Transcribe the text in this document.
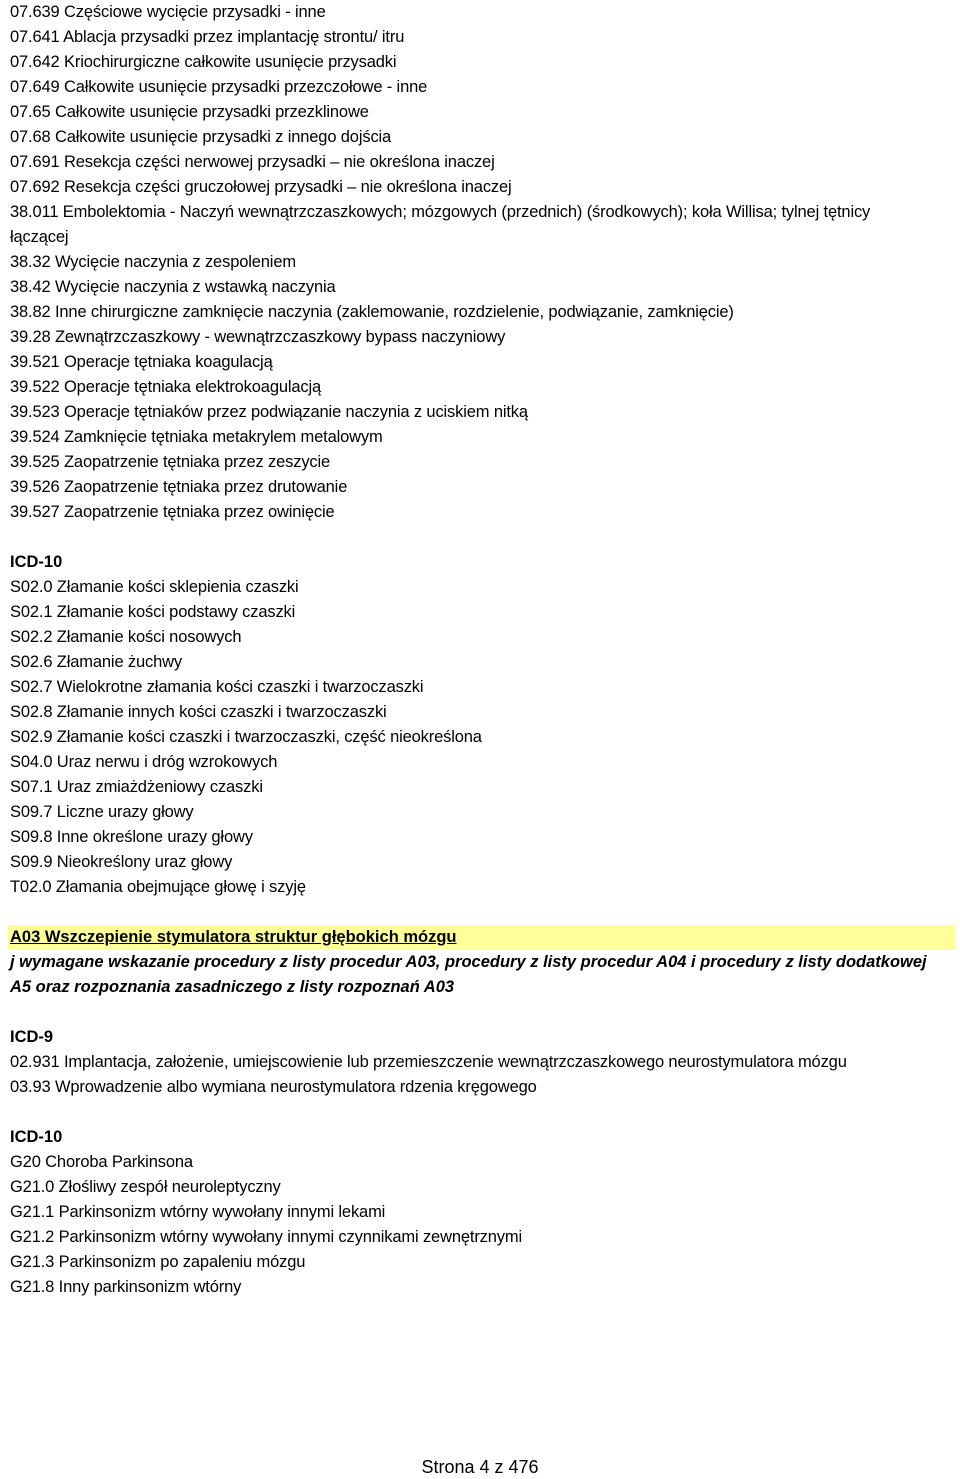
07.639 Częściowe wycięcie przysadki - inne
07.641 Ablacja przysadki przez implantację strontu/ itru
07.642 Kriochirurgiczne całkowite usunięcie przysadki
07.649 Całkowite usunięcie przysadki przezczołowe - inne
07.65 Całkowite usunięcie przysadki przezklinowe
07.68 Całkowite usunięcie przysadki z innego dojścia
07.691 Resekcja części nerwowej przysadki – nie określona inaczej
07.692 Resekcja części gruczołowej przysadki – nie określona inaczej
38.011 Embolektomia - Naczyń wewnątrzczaszkowych; mózgowych (przednich) (środkowych); koła Willisa; tylnej tętnicy łączącej
38.32 Wycięcie naczynia z zespoleniem
38.42 Wycięcie naczynia z wstawką naczynia
38.82 Inne chirurgiczne zamknięcie naczynia (zaklemowanie, rozdzielenie, podwiązanie, zamknięcie)
39.28 Zewnątrzczaszkowy - wewnątrzczaszkowy bypass naczyniowy
39.521 Operacje tętniaka koagulacją
39.522 Operacje tętniaka elektrokoagulacją
39.523 Operacje tętniaków przez podwiązanie naczynia z uciskiem nitką
39.524 Zamknięcie tętniaka metakrylem metalowym
39.525 Zaopatrzenie tętniaka przez zeszycie
39.526 Zaopatrzenie tętniaka przez drutowanie
39.527 Zaopatrzenie tętniaka przez owinięcie
ICD-10
S02.0 Złamanie kości sklepienia czaszki
S02.1 Złamanie kości podstawy czaszki
S02.2 Złamanie kości nosowych
S02.6 Złamanie żuchwy
S02.7 Wielokrotne złamania kości czaszki i twarzoczaszki
S02.8 Złamanie innych kości czaszki i twarzoczaszki
S02.9 Złamanie kości czaszki i twarzoczaszki, część nieokreślona
S04.0 Uraz nerwu i dróg wzrokowych
S07.1 Uraz zmiażdżeniowy czaszki
S09.7 Liczne urazy głowy
S09.8 Inne określone urazy głowy
S09.9 Nieokreślony uraz głowy
T02.0 Złamania obejmujące głowę i szyję
A03 Wszczepienie stymulatora struktur głębokich mózgu
j wymagane wskazanie procedury z listy procedur A03, procedury z listy procedur A04 i procedury z listy dodatkowej A5 oraz rozpoznania zasadniczego z listy rozpoznań A03
ICD-9
02.931 Implantacja, założenie, umiejscowienie lub przemieszczenie wewnątrzczaszkowego neurostymulatora mózgu
03.93 Wprowadzenie albo wymiana neurostymulatora rdzenia kręgowego
ICD-10
G20 Choroba Parkinsona
G21.0 Złośliwy zespół neuroleptyczny
G21.1 Parkinsonizm wtórny wywołany innymi lekami
G21.2 Parkinsonizm wtórny wywołany innymi czynnikami zewnętrznymi
G21.3 Parkinsonizm po zapaleniu mózgu
G21.8 Inny parkinsonizm wtórny
Strona 4 z 476
